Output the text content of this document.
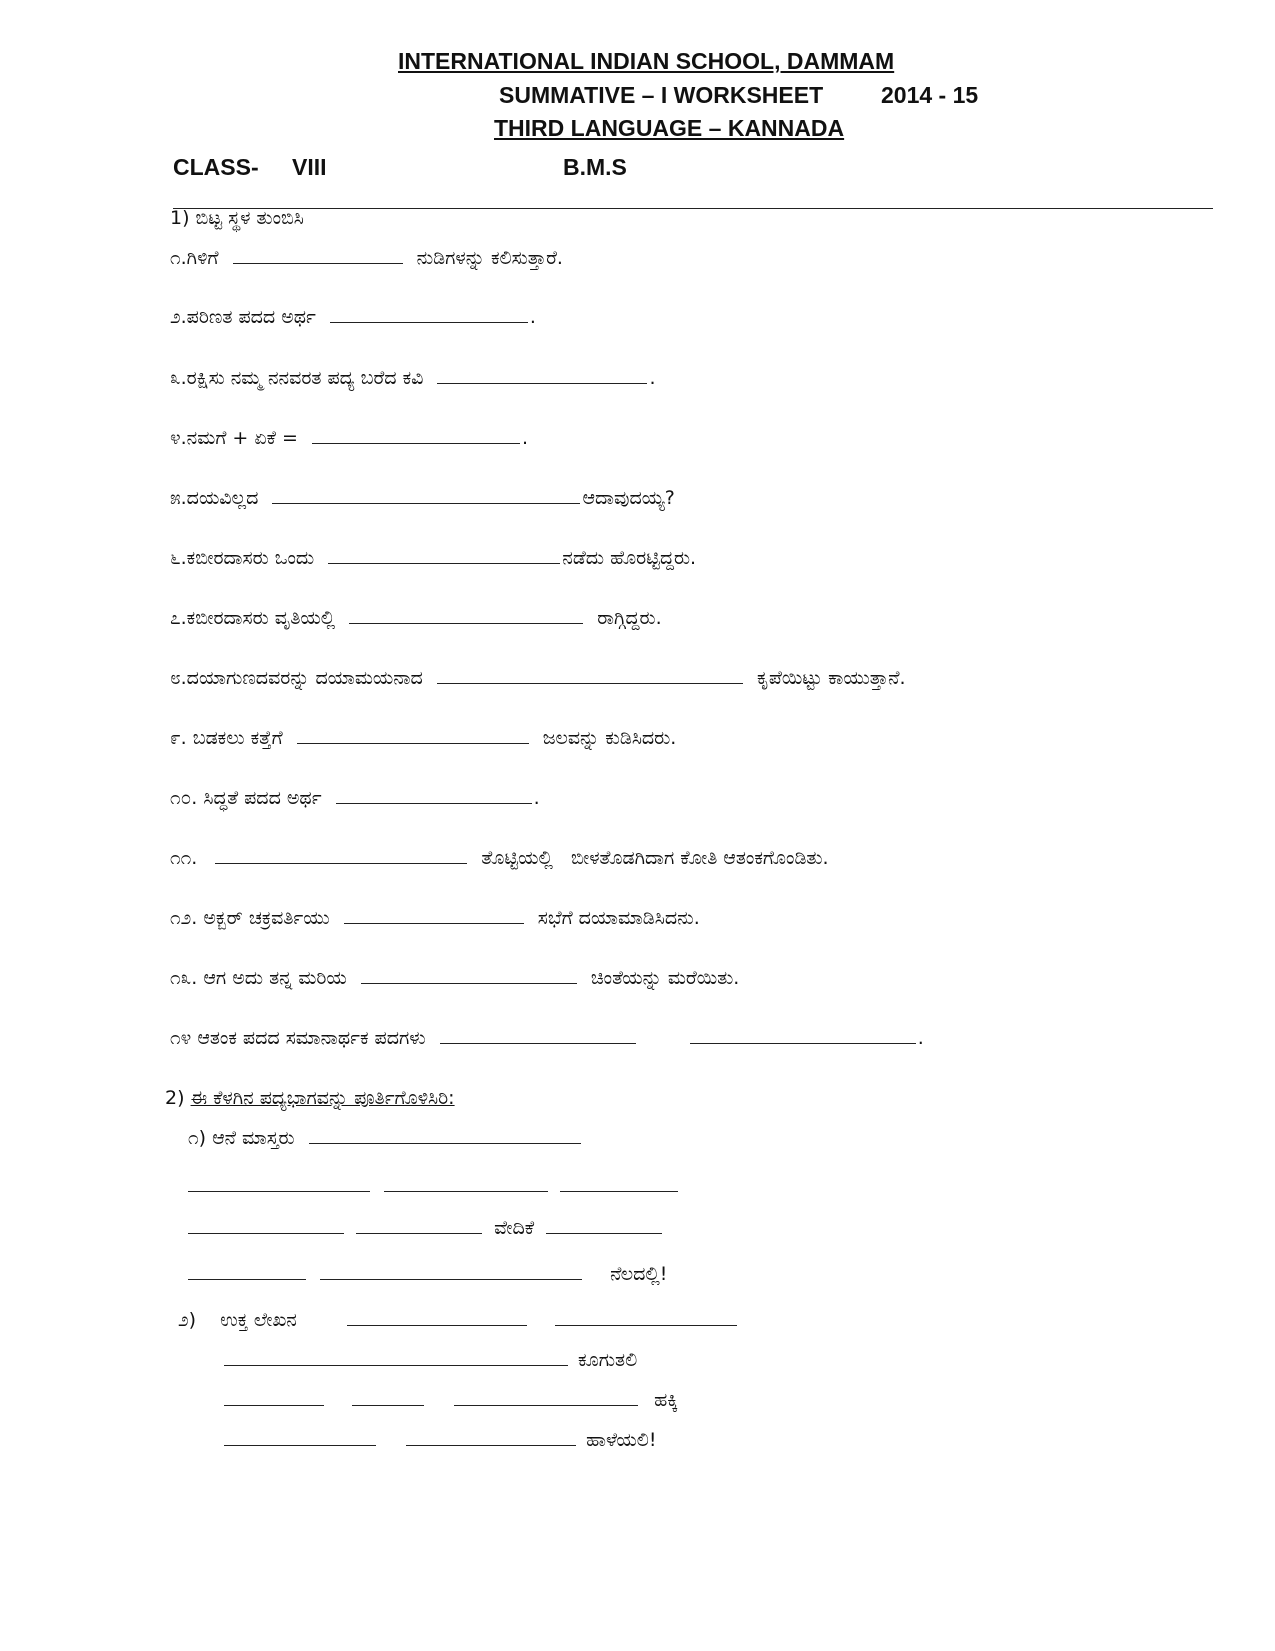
INTERNATIONAL INDIAN SCHOOL, DAMMAM
SUMMATIVE – I WORKSHEET	2014 - 15
THIRD LANGUAGE – KANNADA
CLASS- VIII	B.M.S
1) ಬಿಟ್ಟ ಸ್ಥಳ ತುಂಬಿಸಿ
೧.ಗಿಳಿಗೆ	ನುಡಿಗಳನ್ನು ಕಲಿಸುತ್ತಾರೆ.
೨.ಪರಿಣತ ಪದದ ಅರ್ಥ	.
೩.ರಕ್ಷಿಸು ನಮ್ಮ ನನವರತ ಪದ್ಯ ಬರೆದ ಕವಿ	.
೪.ನಮಗೆ + ಏಕೆ =	.
೫.ದಯವಿಲ್ಲದ	ಆದಾವುದಯ್ಯ?
೬.ಕಬೀರದಾಸರು ಒಂದು	ನಡೆದು ಹೊರಟ್ಟಿದ್ದರು.
೭.ಕಬೀರದಾಸರು ವೃತಿಯಲ್ಲಿ	ರಾಗ್ಗಿದ್ದರು.
೮.ದಯಾಗುಣದವರನ್ನು ದಯಾಮಯನಾದ	ಕೃಪೆಯಿಟ್ಟು ಕಾಯುತ್ತಾನೆ.
೯. ಬಡಕಲು ಕತ್ತೆಗೆ	ಜಲವನ್ನು ಕುಡಿಸಿದರು.
೧೦. ಸಿದ್ಧತೆ ಪದದ ಅರ್ಥ	.
೧೧.	ತೊಟ್ಟಿಯಲ್ಲಿ   ಬೀಳತೊಡಗಿದಾಗ ಕೋತಿ ಆತಂಕಗೊಂಡಿತು.
೧೨. ಅಕ್ಬರ್ ಚಕ್ರವರ್ತಿಯು	ಸಭೆಗೆ ದಯಾಮಾಡಿಸಿದನು.
೧೩. ಆಗ ಅದು ತನ್ನ ಮರಿಯ	ಚಿಂತೆಯನ್ನು ಮರೆಯಿತು.
೧೪ ಆತಂಕ ಪದದ ಸಮಾನಾರ್ಥಕ ಪದಗಳು	.
2) ಈ ಕೆಳಗಿನ ಪದ್ಯಭಾಗವನ್ನು ಪೂರ್ತಿಗೊಳಿಸಿರಿ:
೧) ಆನೆ ಮಾಸ್ತರು

ವೇದಿಕೆ
ನೆಲದಲ್ಲಿ!
೨) ಉಕ್ತ ಲೇಖನ
ಕೂಗುತಲಿ
ಹಕ್ಕಿ
ಹಾಳೆಯಲಿ!
